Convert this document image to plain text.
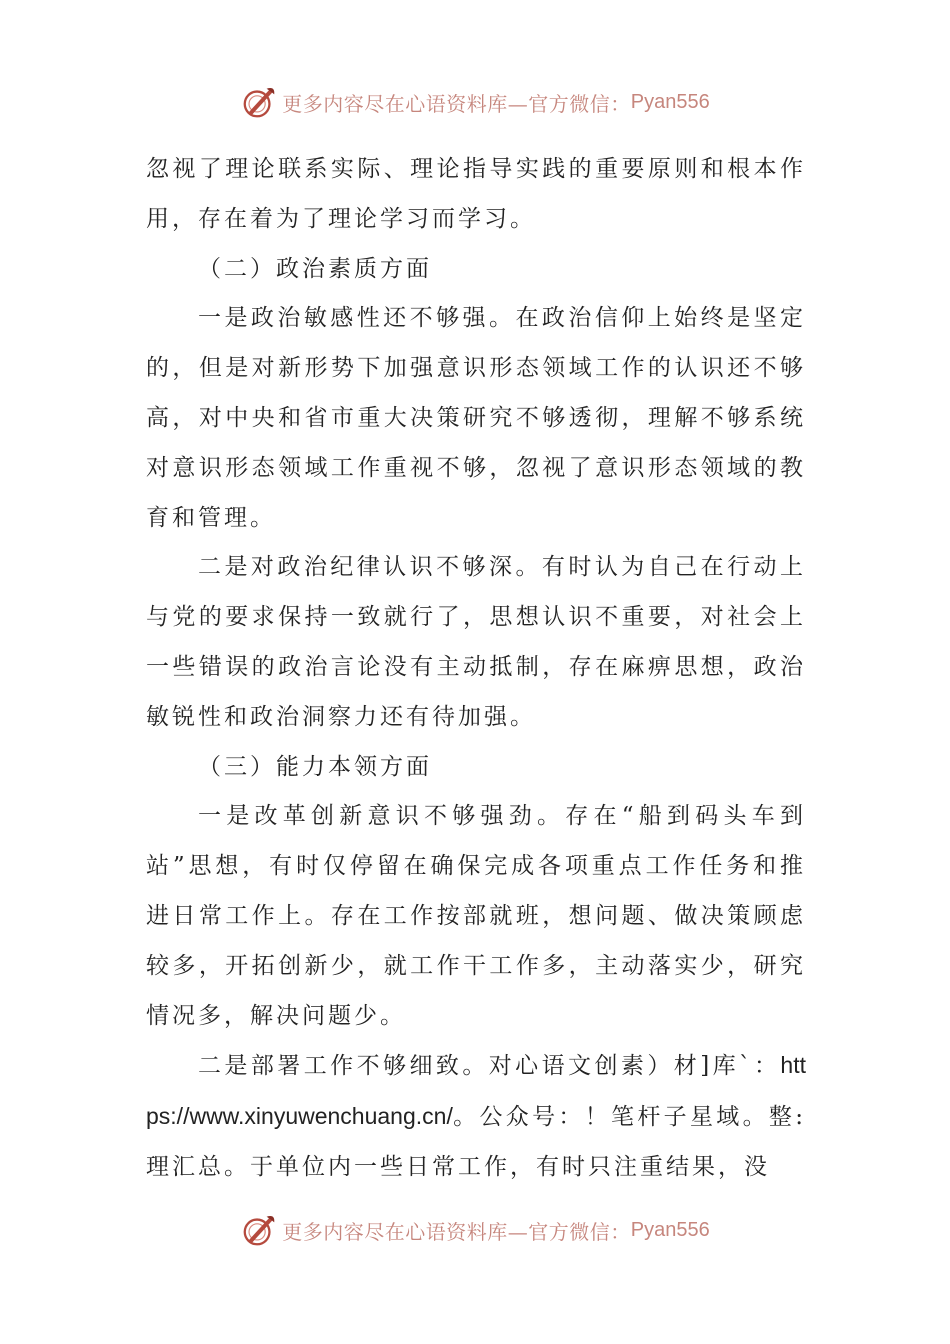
更多内容尽在心语资料库—官方微信： Pyan556

忽视了理论联系实际、理论指导实践的重要原则和根本作用，存在着为了理论学习而学习。

（二）政治素质方面

一是政治敏感性还不够强。在政治信仰上始终是坚定的，但是对新形势下加强意识形态领域工作的认识还不够高，对中央和省市重大决策研究不够透彻，理解不够系统对意识形态领域工作重视不够，忽视了意识形态领域的教育和管理。

二是对政治纪律认识不够深。有时认为自己在行动上与党的要求保持一致就行了，思想认识不重要，对社会上一些错误的政治言论没有主动抵制，存在麻痹思想，政治敏锐性和政治洞察力还有待加强。

（三）能力本领方面

一是改革创新意识不够强劲。存在“船到码头车到站”思想，有时仅停留在确保完成各项重点工作任务和推进日常工作上。存在工作按部就班，想问题、做决策顾虑较多，开拓创新少，就工作干工作多，主动落实少，研究情况多，解决问题少。

二是部署工作不够细致。对心语文创素）材]库`：https://www.xinyuwenchuang.cn/。公众号：！笔杆子星域。整:理汇总。于单位内一些日常工作，有时只注重结果，没

更多内容尽在心语资料库—官方微信： Pyan556
